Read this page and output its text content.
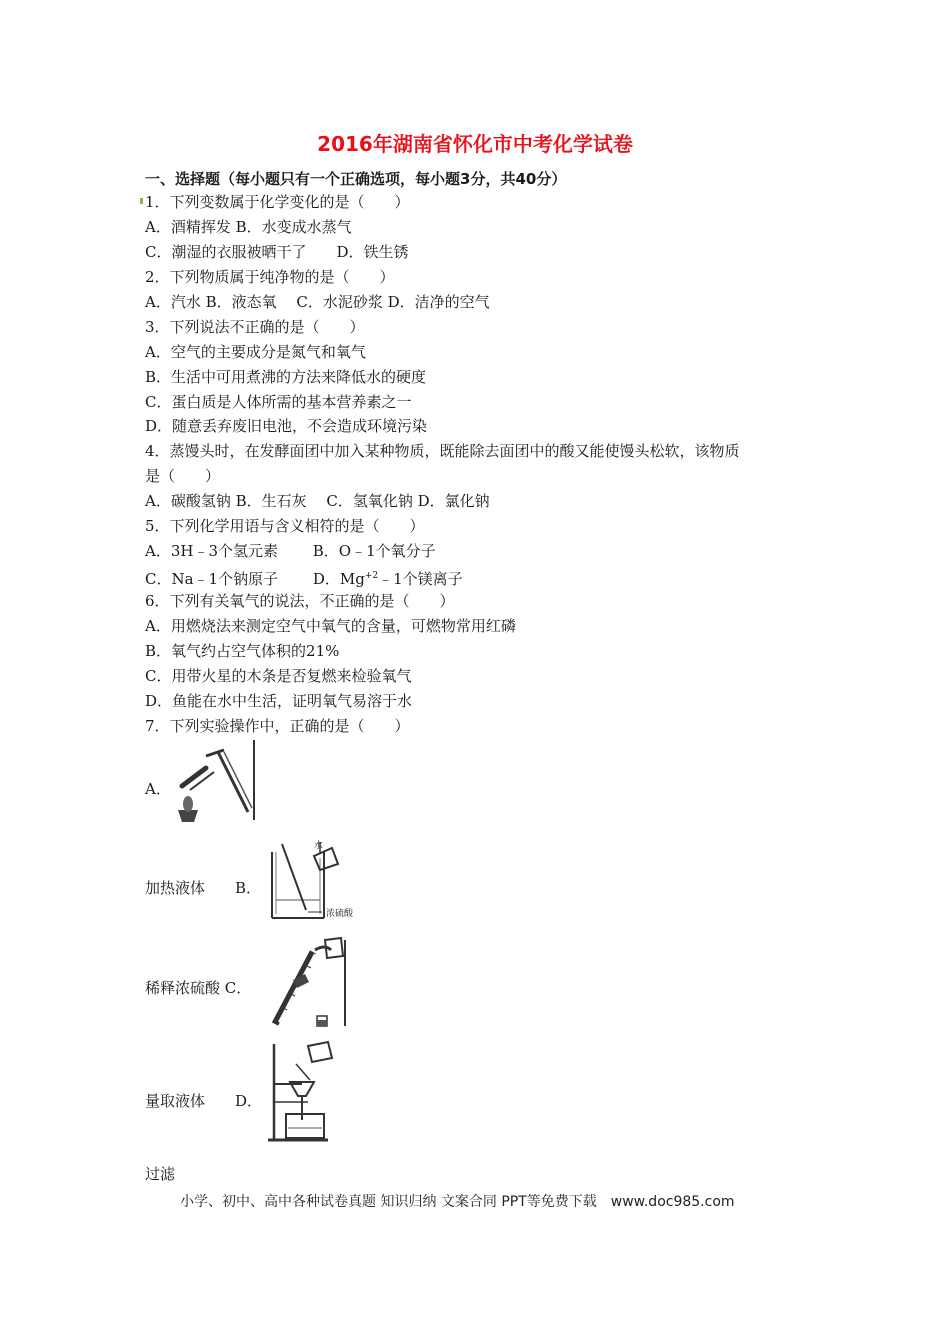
2016年湖南省怀化市中考化学试卷
一、选择题（每小题只有一个正确选项，每小题3分，共40分）
1．下列变数属于化学变化的是（　　）
A．酒精挥发 B．水变成水蒸气
C．潮湿的衣服被晒干了　　D．铁生锈
2．下列物质属于纯净物的是（　　）
A．汽水 B．液态氧　 C．水泥砂浆 D．洁净的空气
3．下列说法不正确的是（　　）
A．空气的主要成分是氮气和氧气
B．生活中可用煮沸的方法来降低水的硬度
C．蛋白质是人体所需的基本营养素之一
D．随意丢弃废旧电池，不会造成环境污染
4．蒸馒头时，在发酵面团中加入某种物质，既能除去面团中的酸又能使馒头松软，该物质
是（　　）
A．碳酸氢钠 B．生石灰　 C．氢氧化钠 D．氯化钠
5．下列化学用语与含义相符的是（　　）
A．3H﹣3个氢元素　　 B．O﹣1个氧分子
C．Na﹣1个钠原子　　 D．$Mg^{+2}﹣1$个镁离子
6．下列有关氧气的说法，不正确的是（　　）
A．用燃烧法来测定空气中氧气的含量，可燃物常用红磷
B．氧气约占空气体积的21%
C．用带火星的木条是否复燃来检验氧气
D．鱼能在水中生活，证明氧气易溶于水
7．下列实验操作中，正确的是（　　）
A．
加热液体　　B．
稀释浓硫酸 C．
量取液体　　D．
过滤
水
浓硫酸
小学、初中、高中各种试卷真题 知识归纳 文案合同 PPT等免费下载　www.doc985.com
